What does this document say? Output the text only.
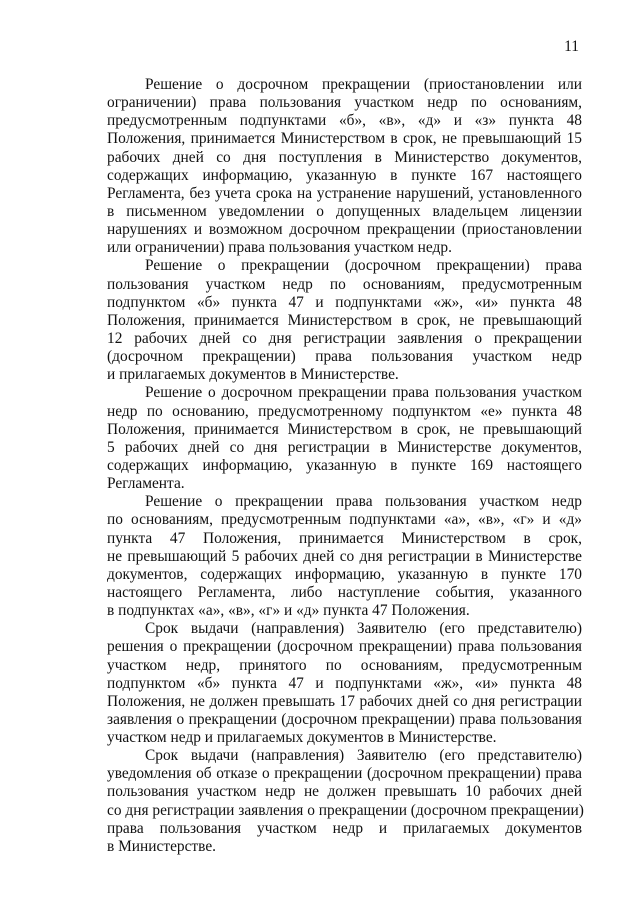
11
Решение о досрочном прекращении (приостановлении или
ограничении) права пользования участком недр по основаниям,
предусмотренным подпунктами «б», «в», «д» и «з» пункта 48
Положения, принимается Министерством в срок, не превышающий 15
рабочих дней со дня поступления в Министерство документов,
содержащих информацию, указанную в пункте 167 настоящего
Регламента, без учета срока на устранение нарушений, установленного
в письменном уведомлении о допущенных владельцем лицензии
нарушениях и возможном досрочном прекращении (приостановлении
или ограничении) права пользования участком недр.
Решение о прекращении (досрочном прекращении) права
пользования участком недр по основаниям, предусмотренным
подпунктом «б» пункта 47 и подпунктами «ж», «и» пункта 48
Положения, принимается Министерством в срок, не превышающий
12 рабочих дней со дня регистрации заявления о прекращении
(досрочном прекращении) права пользования участком недр
и прилагаемых документов в Министерстве.
Решение о досрочном прекращении права пользования участком
недр по основанию, предусмотренному подпунктом «е» пункта 48
Положения, принимается Министерством в срок, не превышающий
5 рабочих дней со дня регистрации в Министерстве документов,
содержащих информацию, указанную в пункте 169 настоящего
Регламента.
Решение о прекращении права пользования участком недр
по основаниям, предусмотренным подпунктами «а», «в», «г» и «д»
пункта 47 Положения, принимается Министерством в срок,
не превышающий 5 рабочих дней со дня регистрации в Министерстве
документов, содержащих информацию, указанную в пункте 170
настоящего Регламента, либо наступление события, указанного
в подпунктах «а», «в», «г» и «д» пункта 47 Положения.
Срок выдачи (направления) Заявителю (его представителю)
решения о прекращении (досрочном прекращении) права пользования
участком недр, принятого по основаниям, предусмотренным
подпунктом «б» пункта 47 и подпунктами «ж», «и» пункта 48
Положения, не должен превышать 17 рабочих дней со дня регистрации
заявления о прекращении (досрочном прекращении) права пользования
участком недр и прилагаемых документов в Министерстве.
Срок выдачи (направления) Заявителю (его представителю)
уведомления об отказе о прекращении (досрочном прекращении) права
пользования участком недр не должен превышать 10 рабочих дней
со дня регистрации заявления о прекращении (досрочном прекращении)
права пользования участком недр и прилагаемых документов
в Министерстве.
